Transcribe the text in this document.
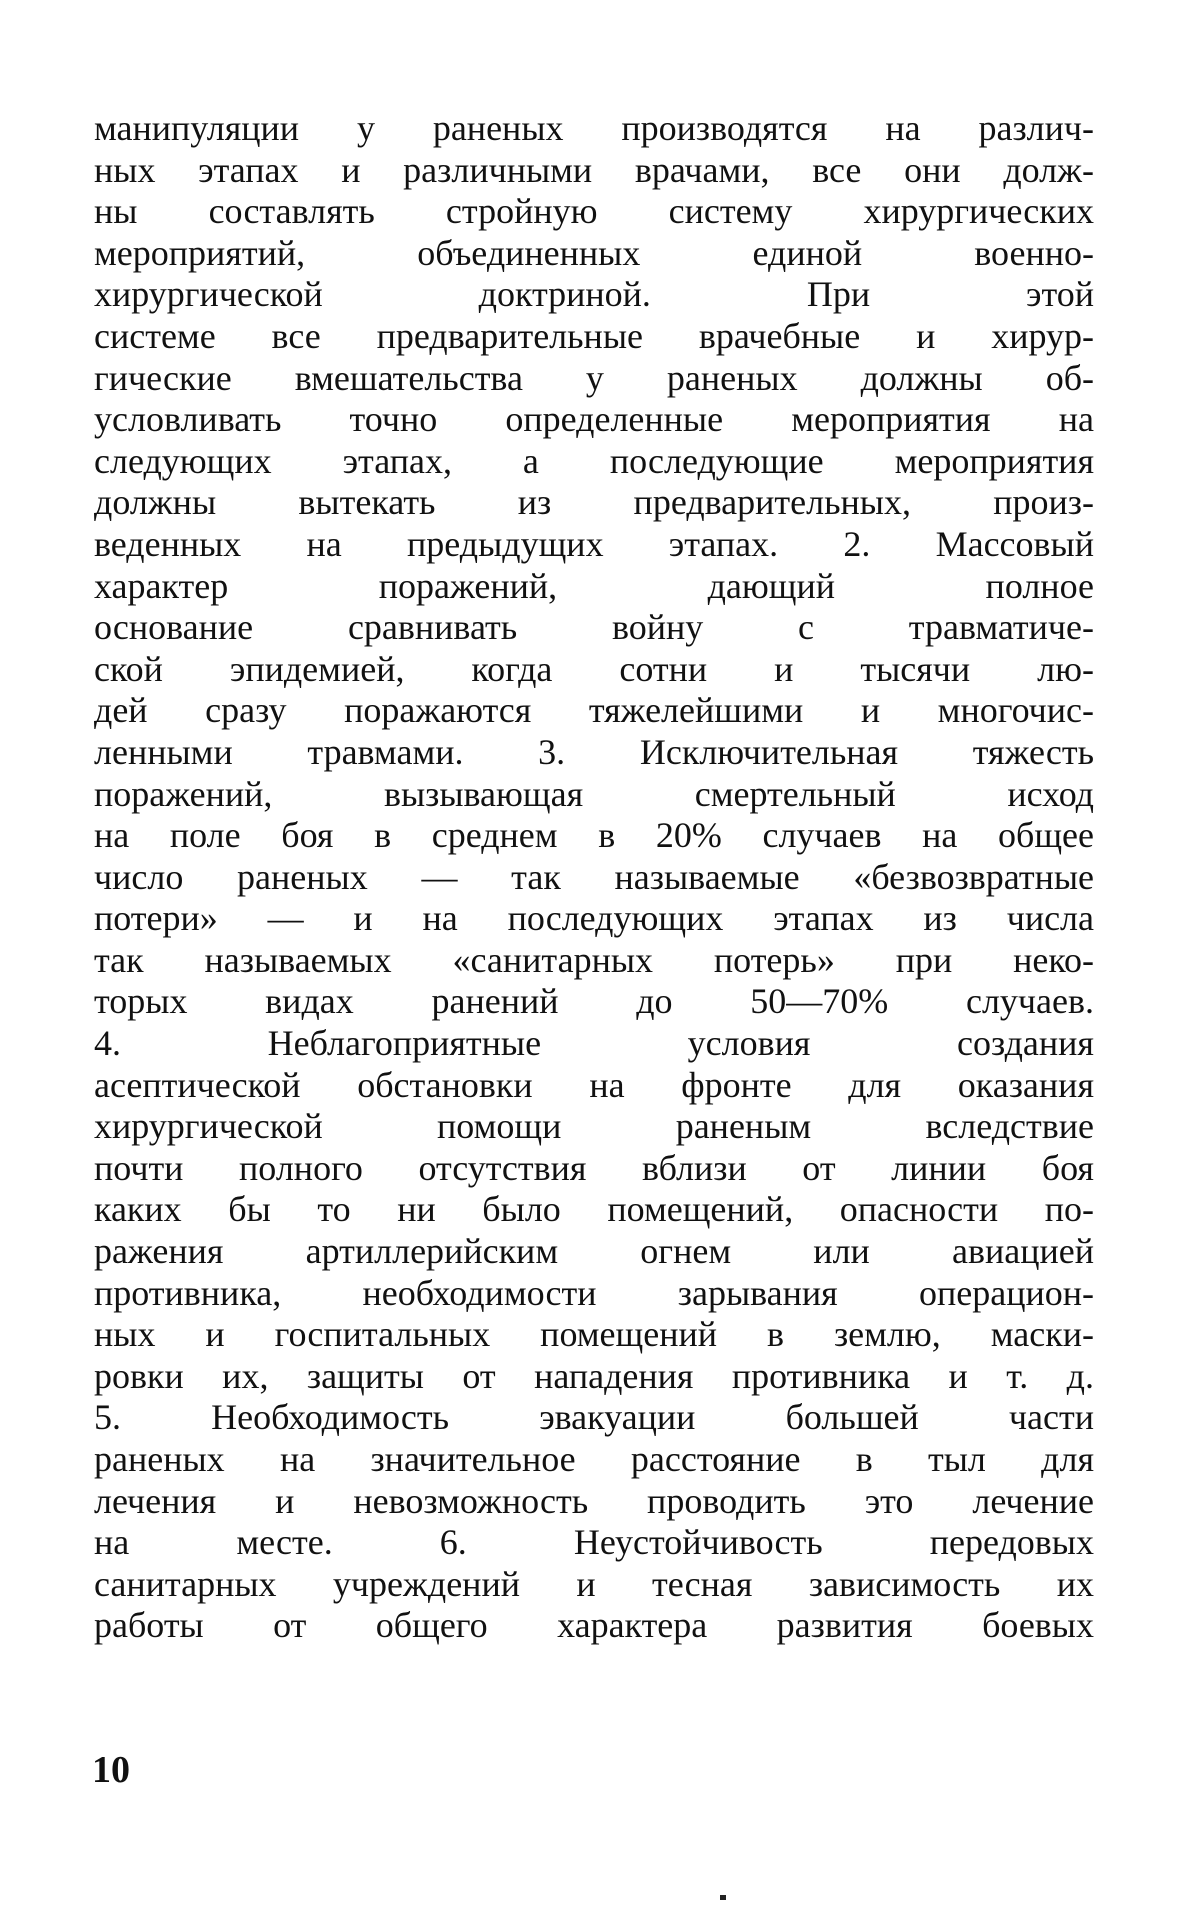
манипуляции у раненых производятся на различ-
ных этапах и различными врачами, все они долж-
ны составлять стройную систему хирургических
мероприятий, объединенных единой военно-
хирургической доктриной. При этой
системе все предварительные врачебные и хирур-
гические вмешательства у раненых должны об-
условливать точно определенные мероприятия на
следующих этапах, а последующие мероприятия
должны вытекать из предварительных, произ-
веденных на предыдущих этапах. 2. Массовый
характер поражений, дающий полное
основание сравнивать войну с травматиче-
ской эпидемией, когда сотни и тысячи лю-
дей сразу поражаются тяжелейшими и многочис-
ленными травмами. 3. Исключительная тяжесть
поражений, вызывающая смертельный исход
на поле боя в среднем в 20% случаев на общее
число раненых — так называемые «безвозвратные
потери» — и на последующих этапах из числа
так называемых «санитарных потерь» при неко-
торых видах ранений до 50—70% случаев.
4. Неблагоприятные условия создания
асептической обстановки на фронте для оказания
хирургической помощи раненым вследствие
почти полного отсутствия вблизи от линии боя
каких бы то ни было помещений, опасности по-
ражения артиллерийским огнем или авиацией
противника, необходимости зарывания операцион-
ных и госпитальных помещений в землю, маски-
ровки их, защиты от нападения противника и т. д.
5. Необходимость эвакуации большей части
раненых на значительное расстояние в тыл для
лечения и невозможность проводить это лечение
на месте. 6. Неустойчивость передовых
санитарных учреждений и тесная зависимость их
работы от общего характера развития боевых
10
